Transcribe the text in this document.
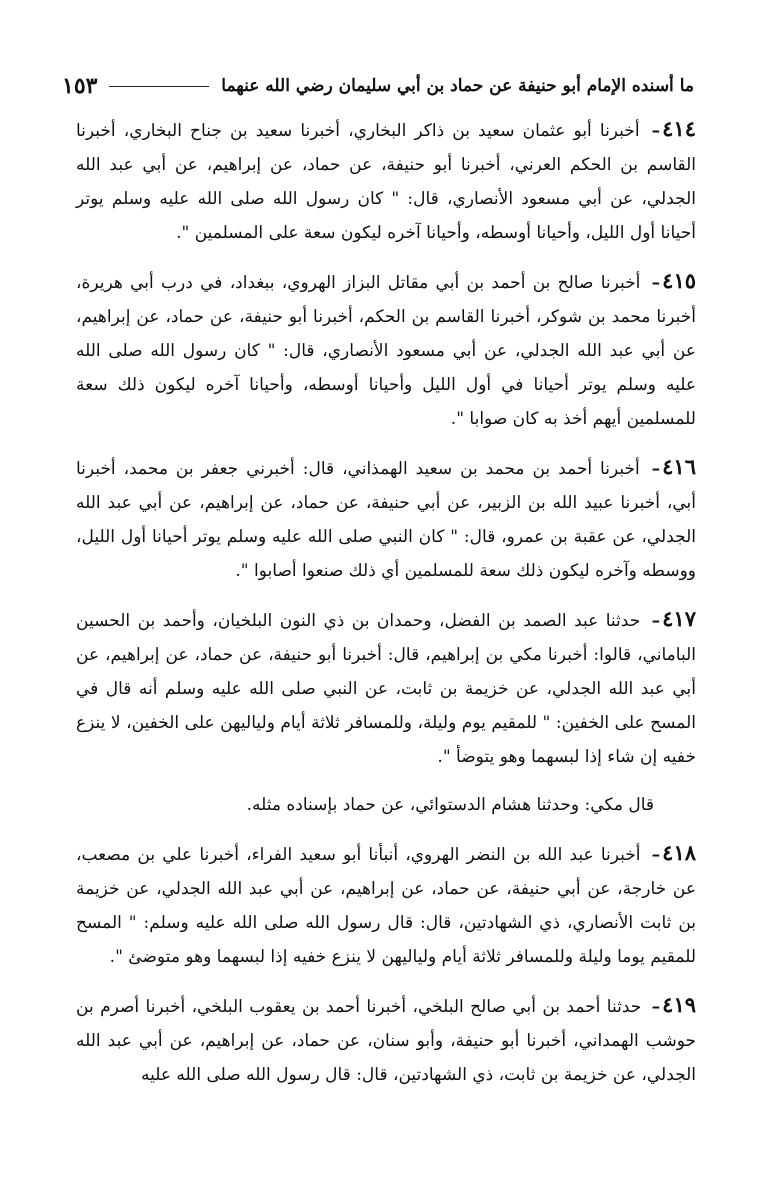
ما أسنده الإمام أبو حنيفة عن حماد بن أبي سليمان رضي الله عنهما
١٥٣

٤١٤– أخبرنا أبو عثمان سعيد بن ذاكر البخاري، أخبرنا سعيد بن جناح البخاري، أخبرنا القاسم بن الحكم العرني، أخبرنا أبو حنيفة، عن حماد، عن إبراهيم، عن أبي عبد الله الجدلي، عن أبي مسعود الأنصاري، قال: " كان رسول الله صلى الله عليه وسلم يوتر أحيانا أول الليل، وأحيانا أوسطه، وأحيانا آخره ليكون سعة على المسلمين ".

٤١٥– أخبرنا صالح بن أحمد بن أبي مقاتل البزاز الهروي، ببغداد، في درب أبي هريرة، أخبرنا محمد بن شوكر، أخبرنا القاسم بن الحكم، أخبرنا أبو حنيفة، عن حماد، عن إبراهيم، عن أبي عبد الله الجدلي، عن أبي مسعود الأنصاري، قال: " كان رسول الله صلى الله عليه وسلم يوتر أحيانا في أول الليل وأحيانا أوسطه، وأحيانا آخره ليكون ذلك سعة للمسلمين أيهم أخذ به كان صوابا ".

٤١٦– أخبرنا أحمد بن محمد بن سعيد الهمذاني، قال: أخبرني جعفر بن محمد، أخبرنا أبي، أخبرنا عبيد الله بن الزبير، عن أبي حنيفة، عن حماد، عن إبراهيم، عن أبي عبد الله الجدلي، عن عقبة بن عمرو، قال: " كان النبي صلى الله عليه وسلم يوتر أحيانا أول الليل، ووسطه وآخره ليكون ذلك سعة للمسلمين أي ذلك صنعوا أصابوا ".

٤١٧– حدثنا عبد الصمد بن الفضل، وحمدان بن ذي النون البلخيان، وأحمد بن الحسين الباماني، قالوا: أخبرنا مكي بن إبراهيم، قال: أخبرنا أبو حنيفة، عن حماد، عن إبراهيم، عن أبي عبد الله الجدلي، عن خزيمة بن ثابت، عن النبي صلى الله عليه وسلم أنه قال في المسح على الخفين: " للمقيم يوم وليلة، وللمسافر ثلاثة أيام ولياليهن على الخفين، لا ينزع خفيه إن شاء إذا لبسهما وهو يتوضأ ".

قال مكي: وحدثنا هشام الدستوائي، عن حماد بإسناده مثله.

٤١٨– أخبرنا عبد الله بن النضر الهروي، أنبأنا أبو سعيد الفراء، أخبرنا علي بن مصعب، عن خارجة، عن أبي حنيفة، عن حماد، عن إبراهيم، عن أبي عبد الله الجدلي، عن خزيمة بن ثابت الأنصاري، ذي الشهادتين، قال: قال رسول الله صلى الله عليه وسلم: " المسح للمقيم يوما وليلة وللمسافر ثلاثة أيام ولياليهن لا ينزع خفيه إذا لبسهما وهو متوضئ ".

٤١٩– حدثنا أحمد بن أبي صالح البلخي، أخبرنا أحمد بن يعقوب البلخي، أخبرنا أصرم بن حوشب الهمداني، أخبرنا أبو حنيفة، وأبو سنان، عن حماد، عن إبراهيم، عن أبي عبد الله الجدلي، عن خزيمة بن ثابت، ذي الشهادتين، قال: قال رسول الله صلى الله عليه
